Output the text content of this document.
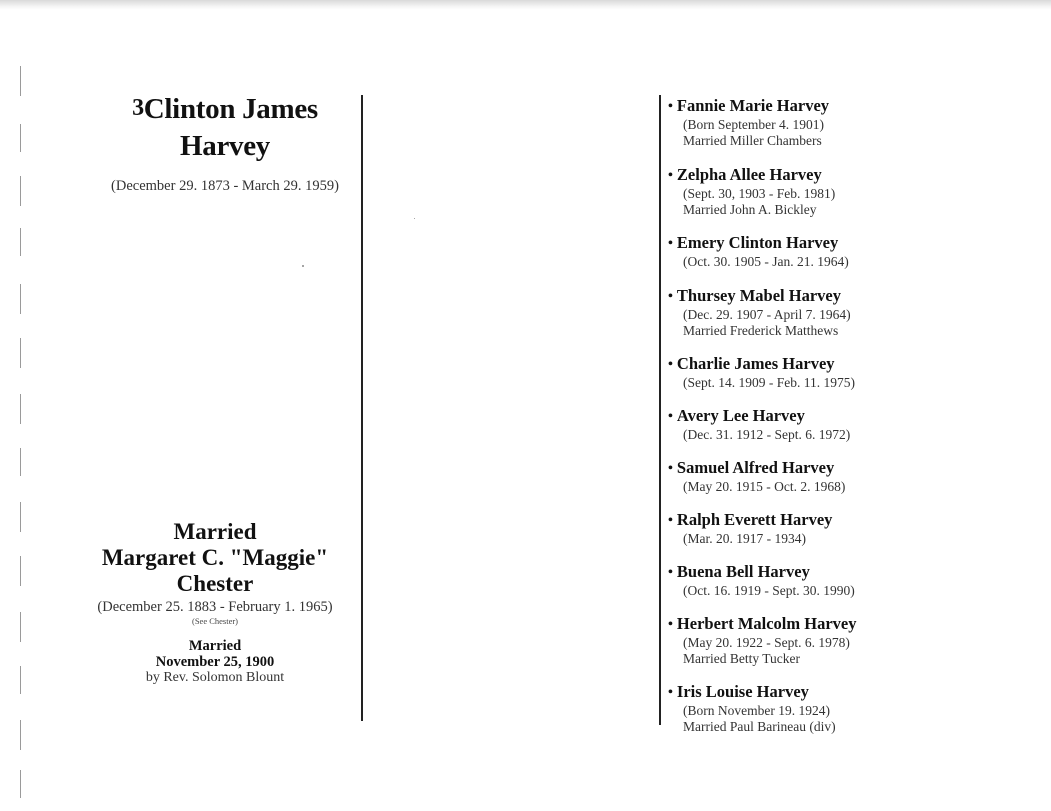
3Clinton James
Harvey
(December 29. 1873 - March 29. 1959)
Married
Margaret C. "Maggie"
Chester
(December 25. 1883 - February 1. 1965)
(See Chester)
Married
November 25, 1900
by Rev. Solomon Blount
• Fannie Marie Harvey
(Born September 4. 1901)
Married Miller Chambers
• Zelpha Allee Harvey
(Sept. 30, 1903 - Feb. 1981)
Married John A. Bickley
• Emery Clinton Harvey
(Oct. 30. 1905 - Jan. 21. 1964)
• Thursey Mabel Harvey
(Dec. 29. 1907 - April 7. 1964)
Married Frederick Matthews
• Charlie James Harvey
(Sept. 14. 1909 - Feb. 11. 1975)
• Avery Lee Harvey
(Dec. 31. 1912 - Sept. 6. 1972)
• Samuel Alfred Harvey
(May 20. 1915 - Oct. 2. 1968)
• Ralph Everett Harvey
(Mar. 20. 1917 - 1934)
• Buena Bell Harvey
(Oct. 16. 1919 - Sept. 30. 1990)
• Herbert Malcolm Harvey
(May 20. 1922 - Sept. 6. 1978)
Married Betty Tucker
• Iris Louise Harvey
(Born November 19. 1924)
Married Paul Barineau (div)
